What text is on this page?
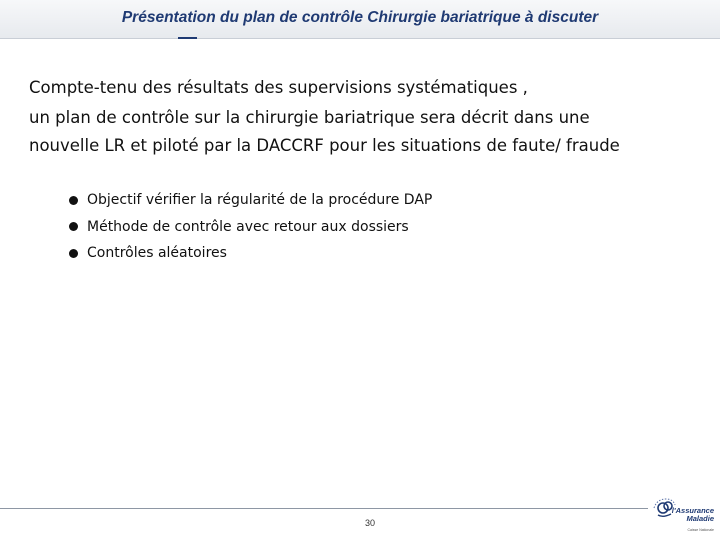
Présentation du plan de contrôle Chirurgie bariatrique à discuter

Compte-tenu des résultats des supervisions systématiques ,

un plan de contrôle sur la chirurgie bariatrique sera décrit dans une

nouvelle LR et piloté par la DACCRF pour les situations de faute/ fraude

Objectif vérifier la régularité de la procédure DAP
Méthode de contrôle avec retour aux dossiers
Contrôles aléatoires
30
l'Assurance
Maladie
Caisse Nationale
